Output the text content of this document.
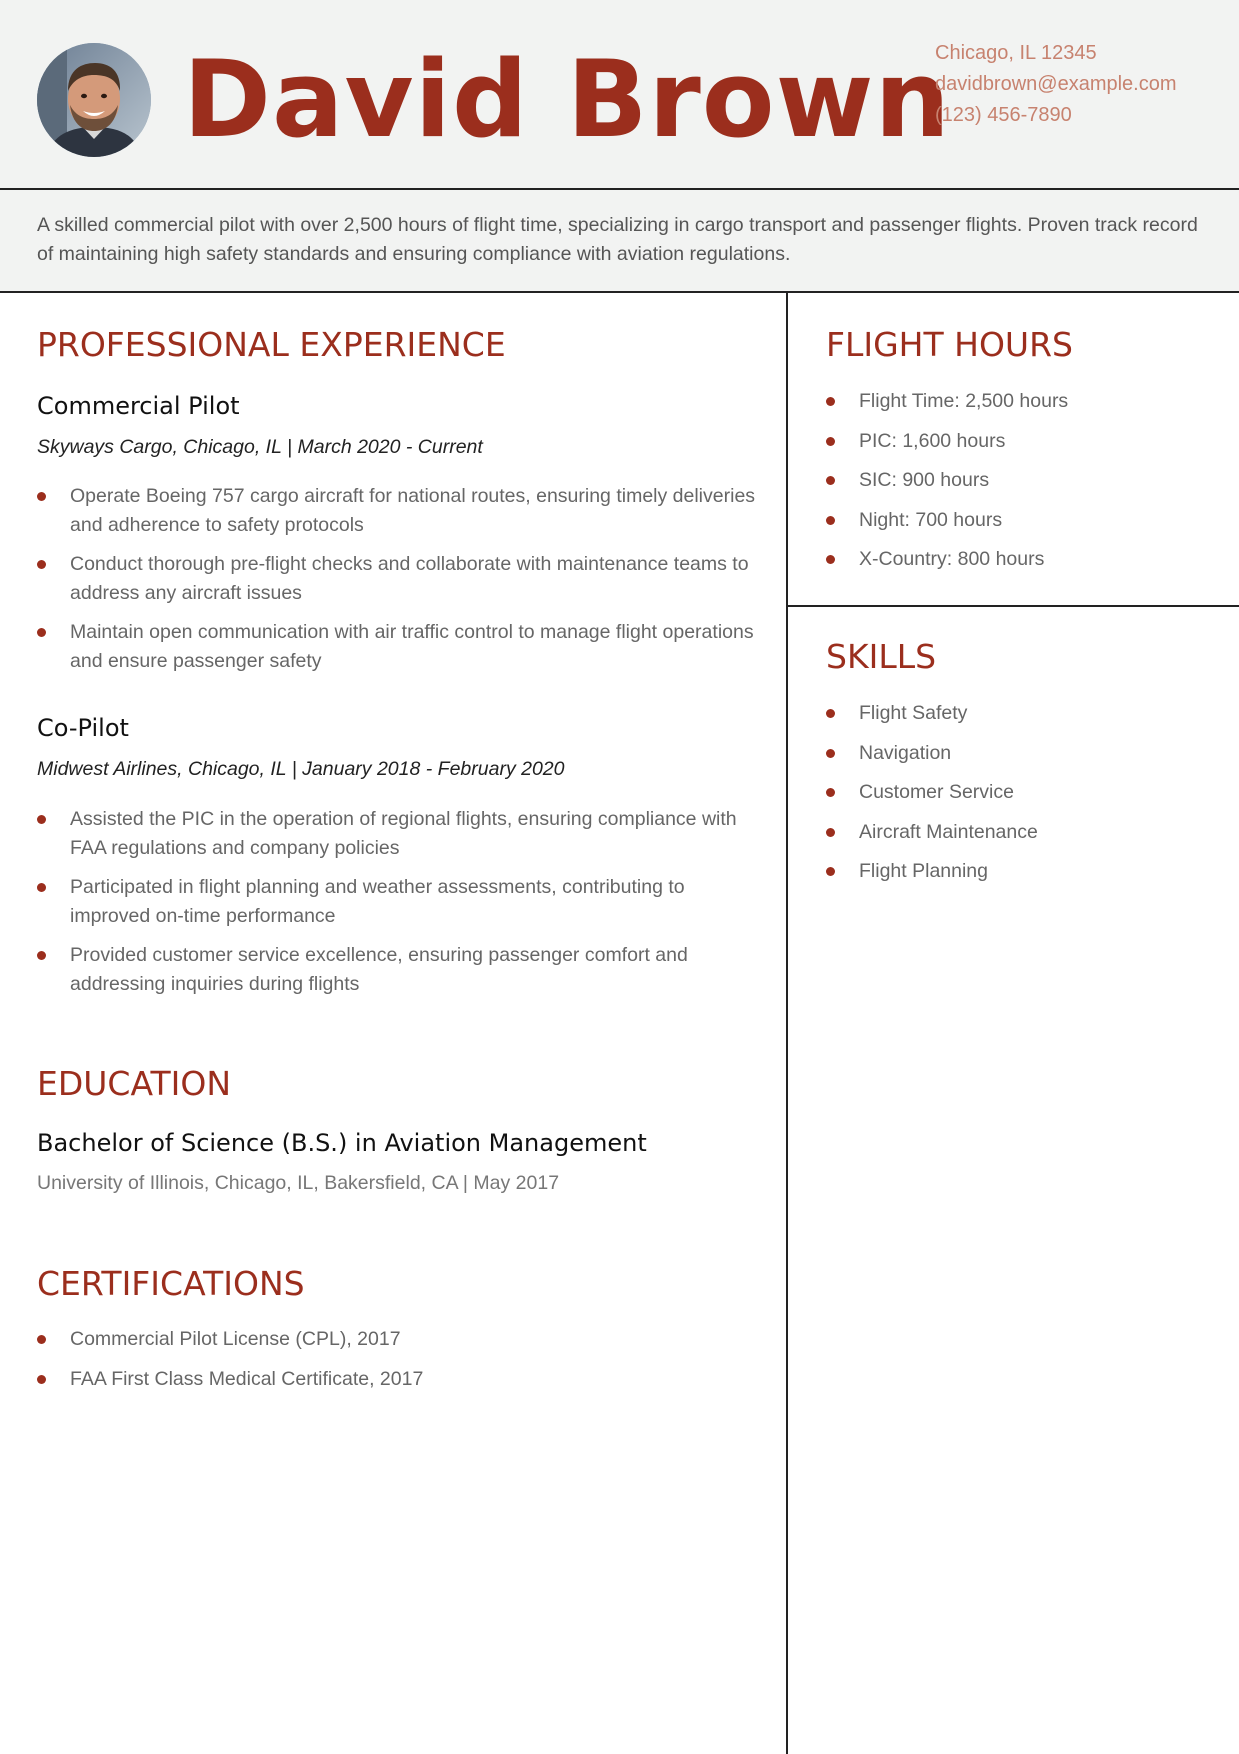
David Brown
Chicago, IL 12345
davidbrown@example.com
(123) 456-7890

A skilled commercial pilot with over 2,500 hours of flight time, specializing in cargo transport and passenger flights. Proven track record of maintaining high safety standards and ensuring compliance with aviation regulations.

PROFESSIONAL EXPERIENCE
Commercial Pilot
Skyways Cargo, Chicago, IL | March 2020 - Current
Operate Boeing 757 cargo aircraft for national routes, ensuring timely deliveries and adherence to safety protocols
Conduct thorough pre-flight checks and collaborate with maintenance teams to address any aircraft issues
Maintain open communication with air traffic control to manage flight operations and ensure passenger safety
Co-Pilot
Midwest Airlines, Chicago, IL | January 2018 - February 2020
Assisted the PIC in the operation of regional flights, ensuring compliance with FAA regulations and company policies
Participated in flight planning and weather assessments, contributing to improved on-time performance
Provided customer service excellence, ensuring passenger comfort and addressing inquiries during flights
EDUCATION
Bachelor of Science (B.S.) in Aviation Management
University of Illinois, Chicago, IL, Bakersfield, CA | May 2017
CERTIFICATIONS
Commercial Pilot License (CPL), 2017
FAA First Class Medical Certificate, 2017
FLIGHT HOURS
Flight Time: 2,500 hours
PIC: 1,600 hours
SIC: 900 hours
Night: 700 hours
X-Country: 800 hours
SKILLS
Flight Safety
Navigation
Customer Service
Aircraft Maintenance
Flight Planning
